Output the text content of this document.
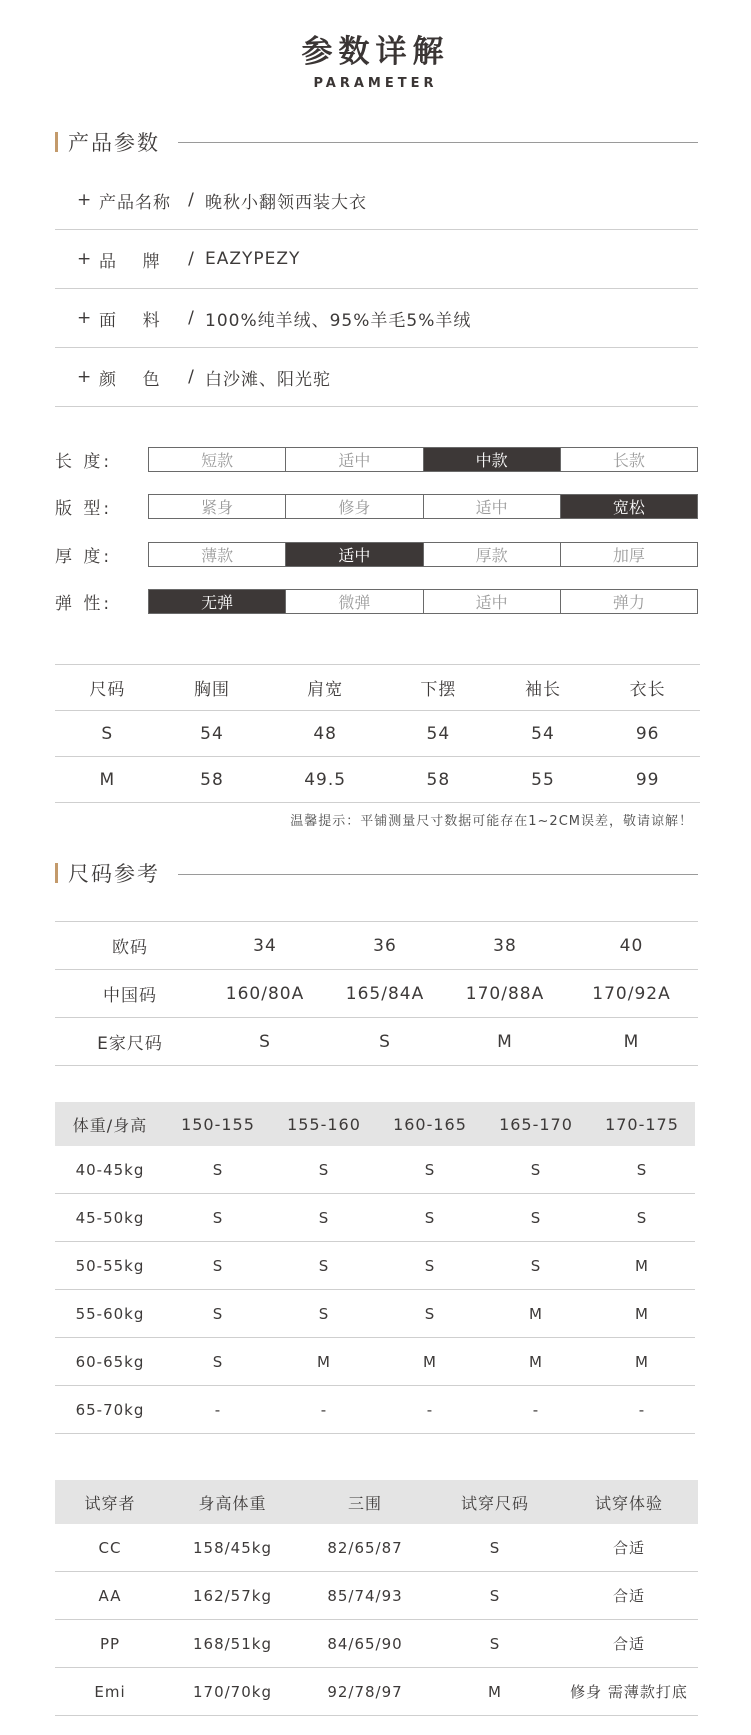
参数详解
PARAMETER
产品参数
+ 产品名称	/ 晚秋小翻领西装大衣
+ 品    牌	/ EAZYPEZY
+ 面    料	/ 100%纯羊绒、95%羊毛5%羊绒
+ 颜    色	/ 白沙滩、阳光驼
长 度:	短款	适中	中款	长款
版 型:	紧身	修身	适中	宽松
厚 度:	薄款	适中	厚款	加厚
弹 性:	无弹	微弹	适中	弹力
尺码	胸围	肩宽	下摆	袖长	衣长
S	54	48	54	54	96
M	58	49.5	58	55	99
温馨提示：平铺测量尺寸数据可能存在1~2CM误差，敬请谅解！
尺码参考
欧码	34	36	38	40
中国码	160/80A	165/84A	170/88A	170/92A
E家尺码	S	S	M	M
体重/身高	150-155	155-160	160-165	165-170	170-175
40-45kg	S	S	S	S	S
45-50kg	S	S	S	S	S
50-55kg	S	S	S	S	M
55-60kg	S	S	S	M	M
60-65kg	S	M	M	M	M
65-70kg	-	-	-	-	-
试穿者	身高体重	三围	试穿尺码	试穿体验
CC	158/45kg	82/65/87	S	合适
AA	162/57kg	85/74/93	S	合适
PP	168/51kg	84/65/90	S	合适
Emi	170/70kg	92/78/97	M	修身 需薄款打底
